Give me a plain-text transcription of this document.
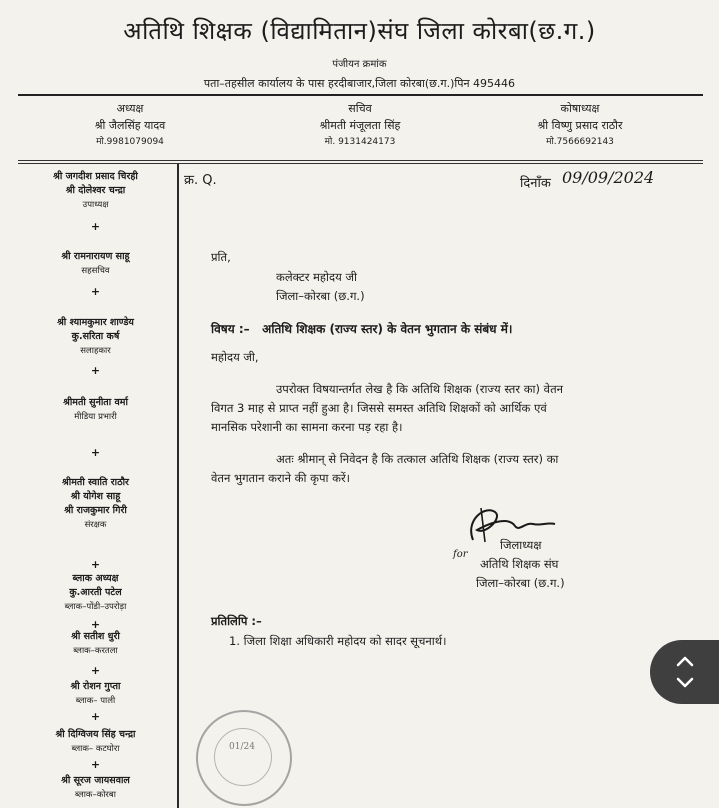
अतिथि शिक्षक (विद्यामितान)संघ जिला कोरबा(छ.ग.)
पंजीयन क्रमांक
पता–तहसील कार्यालय के पास हरदीबाजार,जिला कोरबा(छ.ग.)पिन 495446
अध्यक्ष
श्री जैलसिंह यादव
मो.9981079094
सचिव
श्रीमती मंजूलता सिंह
मो. 9131424173
कोषाध्यक्ष
श्री विष्णु प्रसाद राठौर
मो.7566692143
श्री जगदीश प्रसाद चिरही
श्री दोलेश्वर चन्द्रा
उपाध्यक्ष
+
श्री रामनारायण साहू
सहसचिव
+
श्री श्यामकुमार शाण्डेय
कु.सरिता कर्ष
सलाहकार
+
श्रीमती सुनीता वर्मा
मीडिया प्रभारी
+
श्रीमती स्वाति राठौर
श्री योगेश साहू
श्री राजकुमार गिरी
संरक्षक
+
ब्लाक अध्यक्ष
कु.आरती पटेल
ब्लाक–पोंडी–उपरोड़ा
+
श्री सतीश धुरी
ब्लाक–करतला
+
श्री रोशन गुप्ता
ब्लाक– पाली
+
श्री दिग्विजय सिंह चन्द्रा
ब्लाक– कटघोरा
+
श्री सूरज जायसवाल
ब्लाक–कोरबा
क्र. Q.	दिनाँक 09/09/2024
प्रति,
कलेक्टर महोदय जी
जिला–कोरबा (छ.ग.)
विषय :–   अतिथि शिक्षक (राज्य स्तर) के वेतन भुगतान के संबंध में।
महोदय जी,
उपरोक्त विषयान्तर्गत लेख है कि अतिथि शिक्षक (राज्य स्तर का) वेतन
विगत 3 माह से प्राप्त नहीं हुआ है। जिससे समस्त अतिथि शिक्षकों को आर्थिक एवं
मानसिक परेशानी का सामना करना पड़ रहा है।
अतः श्रीमान् से निवेदन है कि तत्काल अतिथि शिक्षक (राज्य स्तर) का
वेतन भुगतान कराने की कृपा करें।
for
जिलाध्यक्ष
अतिथि शिक्षक संघ
जिला–कोरबा (छ.ग.)
प्रतिलिपि :–
1. जिला शिक्षा अधिकारी महोदय को सादर सूचनार्थ।
01/24
